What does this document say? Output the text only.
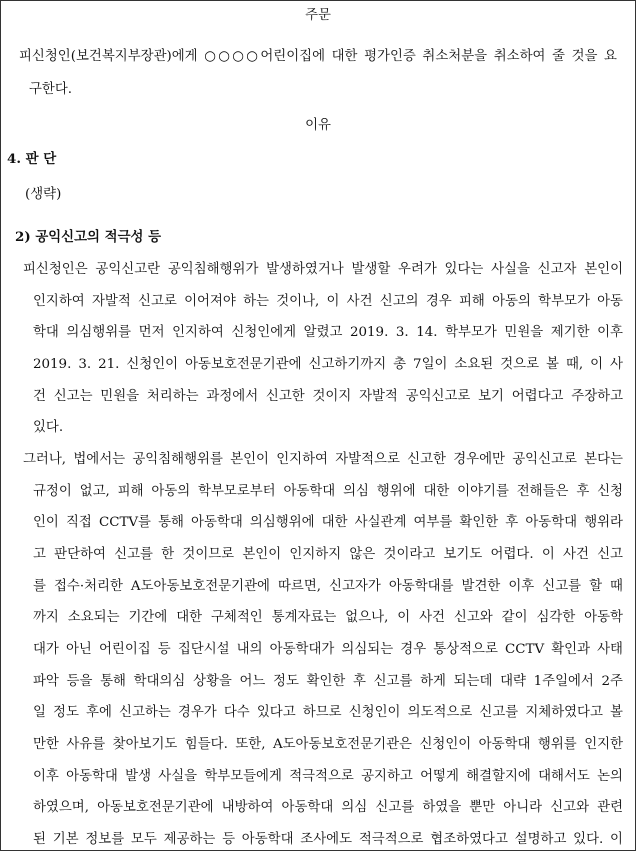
주문

피신청인(보건복지부장관)에게 ○○○○어린이집에 대한 평가인증 취소처분을 취소하여 줄 것을 요

구한다.

이유

4. 판 단

(생략)

2) 공익신고의 적극성 등

피신청인은 공익신고란 공익침해행위가 발생하였거나 발생할 우려가 있다는 사실을 신고자 본인이

인지하여 자발적 신고로 이어져야 하는 것이나, 이 사건 신고의 경우 피해 아동의 학부모가 아동

학대 의심행위를 먼저 인지하여 신청인에게 알렸고 2019. 3. 14. 학부모가 민원을 제기한 이후

2019. 3. 21. 신청인이 아동보호전문기관에 신고하기까지 총 7일이 소요된 것으로 볼 때, 이 사

건 신고는 민원을 처리하는 과정에서 신고한 것이지 자발적 공익신고로 보기 어렵다고 주장하고

있다.

그러나, 법에서는 공익침해행위를 본인이 인지하여 자발적으로 신고한 경우에만 공익신고로 본다는

규정이 없고, 피해 아동의 학부모로부터 아동학대 의심 행위에 대한 이야기를 전해들은 후 신청

인이 직접 CCTV를 통해 아동학대 의심행위에 대한 사실관계 여부를 확인한 후 아동학대 행위라

고 판단하여 신고를 한 것이므로 본인이 인지하지 않은 것이라고 보기도 어렵다. 이 사건 신고

를 접수·처리한 A도아동보호전문기관에 따르면, 신고자가 아동학대를 발견한 이후 신고를 할 때

까지 소요되는 기간에 대한 구체적인 통계자료는 없으나, 이 사건 신고와 같이 심각한 아동학

대가 아닌 어린이집 등 집단시설 내의 아동학대가 의심되는 경우 통상적으로 CCTV 확인과 사태

파악 등을 통해 학대의심 상황을 어느 정도 확인한 후 신고를 하게 되는데 대략 1주일에서 2주

일 정도 후에 신고하는 경우가 다수 있다고 하므로 신청인이 의도적으로 신고를 지체하였다고 볼

만한 사유를 찾아보기도 힘들다. 또한, A도아동보호전문기관은 신청인이 아동학대 행위를 인지한

이후 아동학대 발생 사실을 학부모들에게 적극적으로 공지하고 어떻게 해결할지에 대해서도 논의

하였으며, 아동보호전문기관에 내방하여 아동학대 의심 신고를 하였을 뿐만 아니라 신고와 관련

된 기본 정보를 모두 제공하는 등 아동학대 조사에도 적극적으로 협조하였다고 설명하고 있다. 이
